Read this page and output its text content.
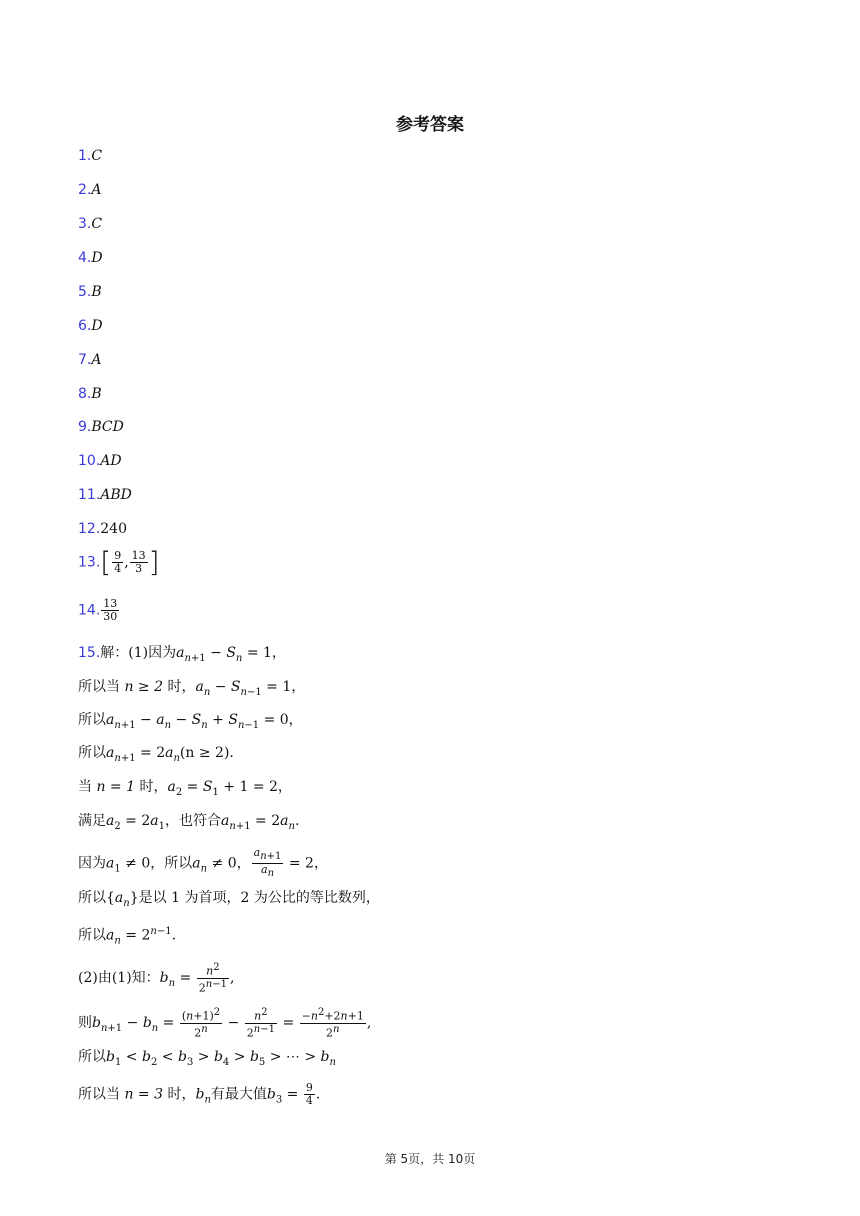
参考答案
1.C
2.A
3.C
4.D
5.B
6.D
7.A
8.B
9.BCD
10.AD
11.ABD
12.240
$13.[ \frac{9}{4}$ , $\frac{13}{3}$ ]
14. $\frac{13}{30}$
15.解：(1)因为$a_{n+1} - S_n = 1$，
所以当 n ≥ 2 时，$a_n - S_{n-1} = 1$，
所以$a_{n+1} - a_n - S_n + S_{n-1} = 0$，
所以$a_{n+1} = 2a_n(n \ge 2)$.
当 n = 1 时，$a_2 = S_1 + 1 = 2$，
满足$a_2 = 2a_1$，也符合$a_{n+1} = 2a_n$.
因为$a_1 \ne 0$，所以$a_n \ne 0$， $\frac{a_{n+1}}{a_n} = 2$，
所以$\{a_n\}$是以 1 为首项，2 为公比的等比数列，
所以$a_n = 2^{n-1}$.
(2)由(1)知：$b_n = \frac{n^2}{2^{n-1}}$ ,
则$b_{n+1} - b_n = \frac{(n+1)^2}{2^n} - \frac{n^2}{2^{n-1}} = \frac{-n^2+2n+1}{2^n}$ ,
所以$b_1 < b_2 < b_3 > b_4 > b_5$ > ⋯ > $b_n$
所以当 n = 3 时，$b_n$有最大值$b_3 = \frac{9}{4}$ .
第 5页，共 10页
